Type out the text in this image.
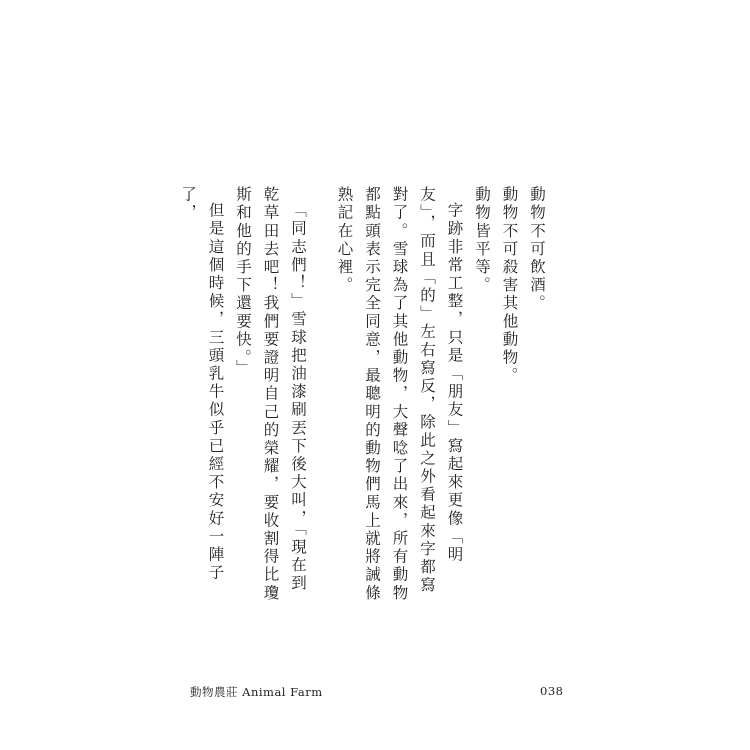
動物不可飲酒。

動物不可殺害其他動物。

動物皆平等。

字跡非常工整，只是「朋友」寫起來更像「明友」，而且「的」左右寫反，除此之外看起來字都寫對了。雪球為了其他動物，大聲唸了出來，所有動物都點頭表示完全同意，最聰明的動物們馬上就將誡條熟記在心裡。

「同志們！」雪球把油漆刷丟下後大叫，「現在到乾草田去吧！我們要證明自己的榮耀，要收割得比瓊斯和他的手下還要快。」

但是這個時候，三頭乳牛似乎已經不安好一陣子了，

動物農莊 Animal Farm	038
